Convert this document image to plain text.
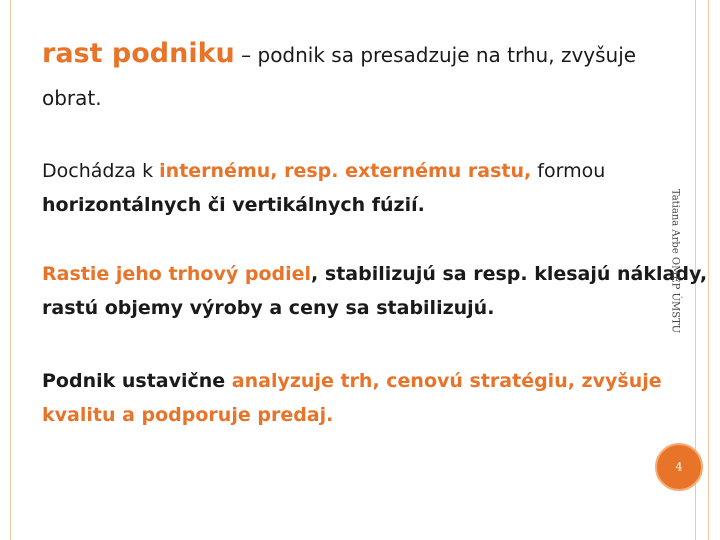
rast podniku – podnik sa presadzuje na trhu, zvyšuje

obrat.

Dochádza k internému, resp. externému rastu, formou

horizontálnych či vertikálnych fúzií.

Rastie jeho trhový podiel, stabilizujú sa resp. klesajú náklady,

rastú objemy výroby a ceny sa stabilizujú.

Podnik ustavične analyzuje trh, cenovú stratégiu, zvyšuje

kvalitu a podporuje predaj.

Tatiana Arbe OMEP ÚMSTU
4
